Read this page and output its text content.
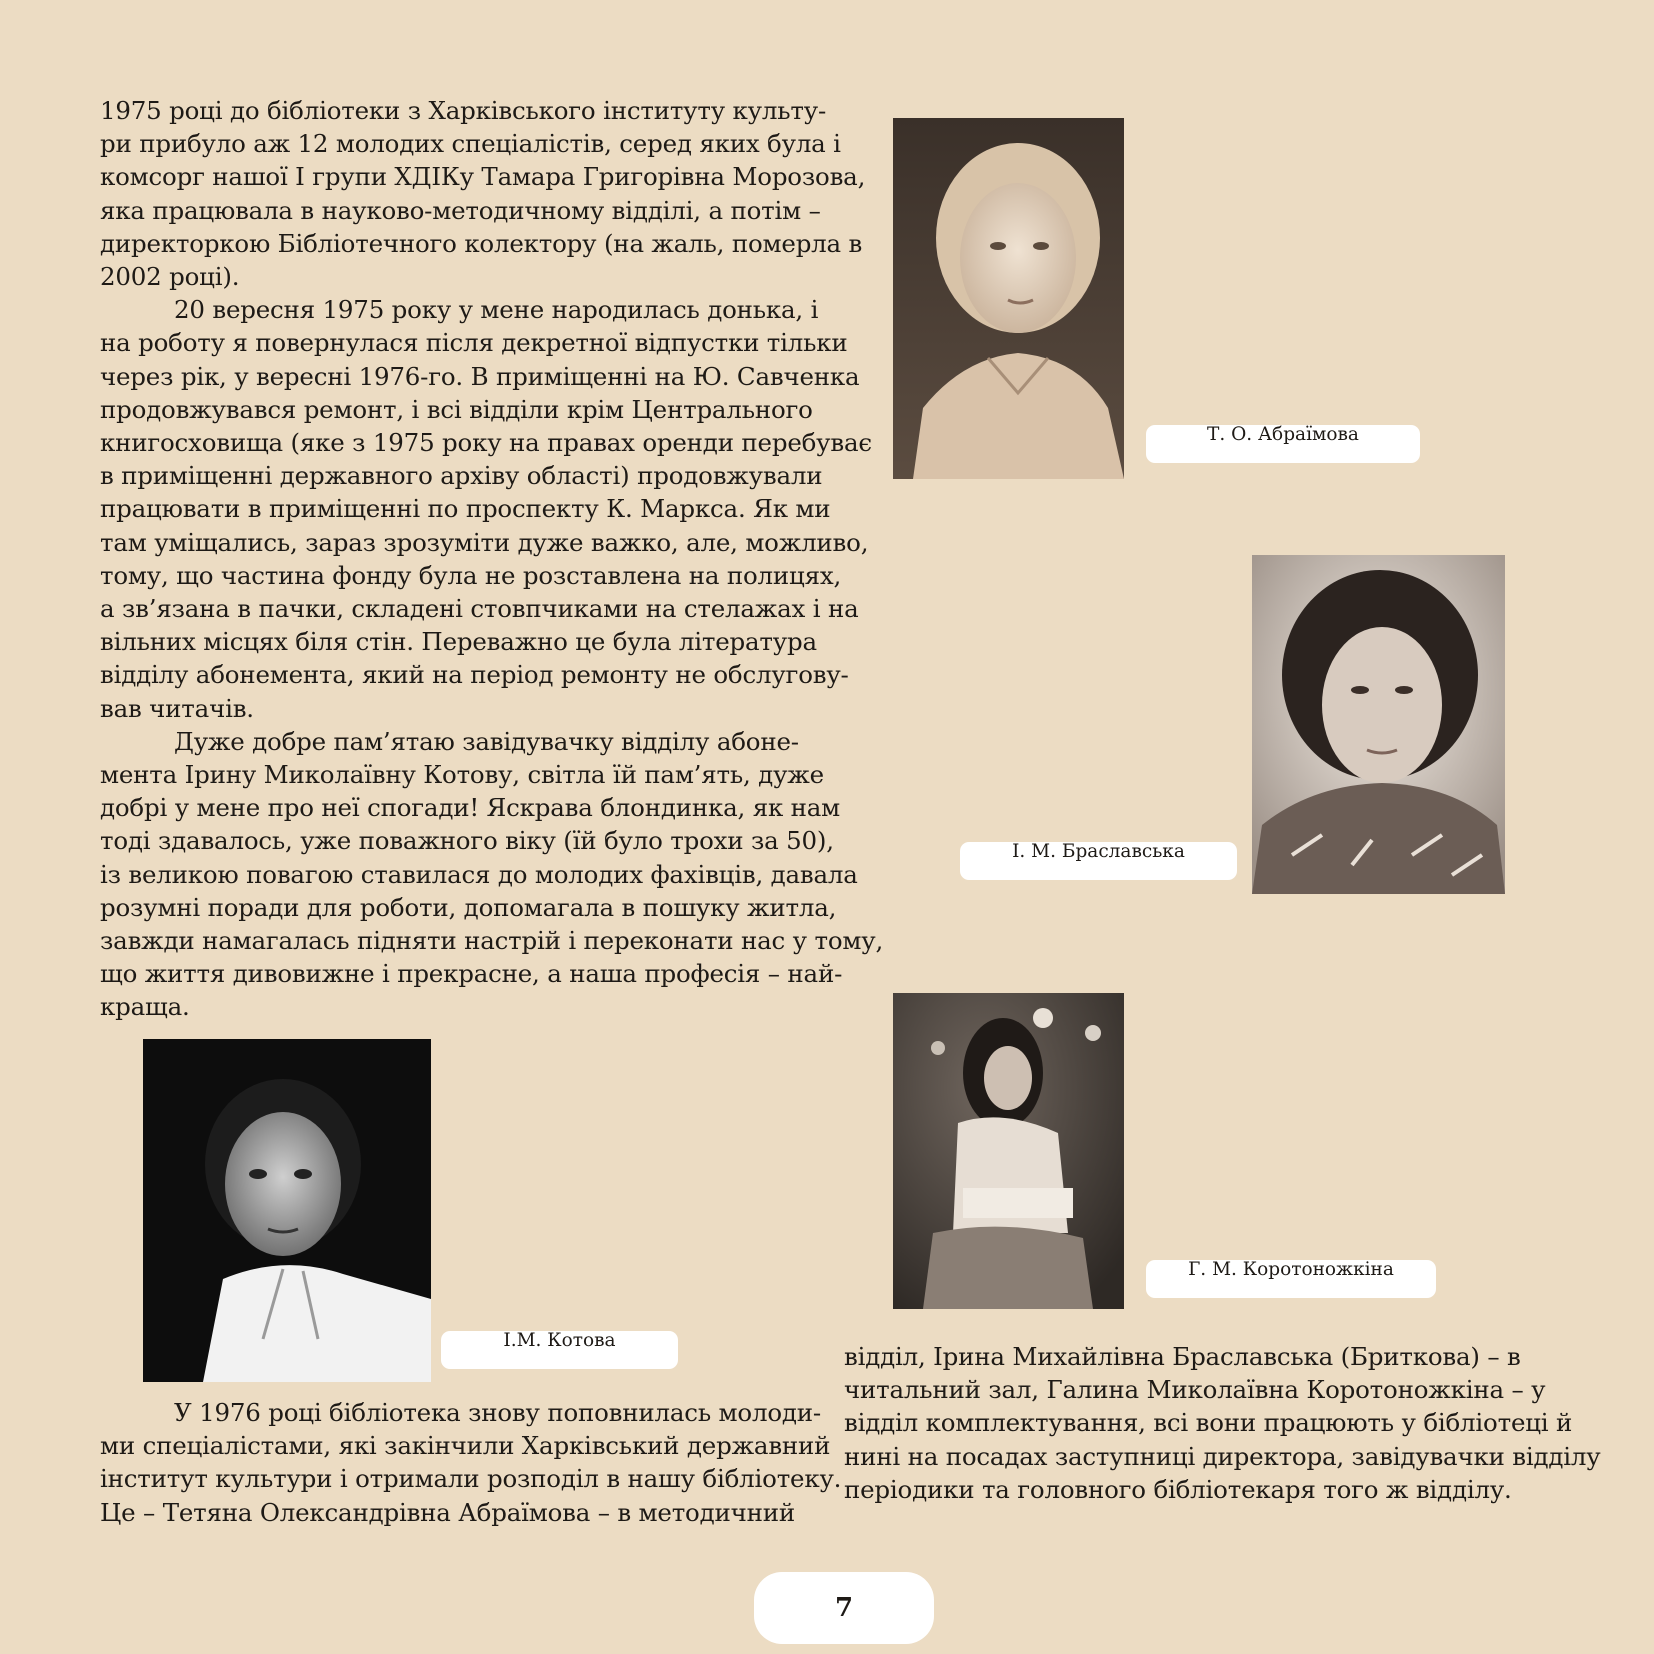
1975 році до бібліотеки з Харківського інституту культу-
ри прибуло аж 12 молодих спеціалістів, серед яких була і
комсорг нашої І групи ХДІКу Тамара Григорівна Морозова,
яка працювала в науково-методичному відділі, а потім –
директоркою Бібліотечного колектору (на жаль, померла в
2002 році).
20 вересня 1975 року у мене народилась донька, і
на роботу я повернулася після декретної відпустки тільки
через рік, у вересні 1976-го. В приміщенні на Ю. Савченка
продовжувався ремонт, і всі відділи крім Центрального
книгосховища (яке з 1975 року на правах оренди перебуває
в приміщенні державного архіву області) продовжували
працювати в приміщенні по проспекту К. Маркса. Як ми
там уміщались, зараз зрозуміти дуже важко, але, можливо,
тому, що частина фонду була не розставлена на полицях,
а зв’язана в пачки, складені стовпчиками на стелажах і на
вільних місцях біля стін. Переважно це була література
відділу абонемента, який на період ремонту не обслугову-
вав читачів.
Дуже добре пам’ятаю завідувачку відділу абоне-
мента Ірину Миколаївну Котову, світла їй пам’ять, дуже
добрі у мене про неї спогади! Яскрава блондинка, як нам
тоді здавалось, уже поважного віку (їй було трохи за 50),
із великою повагою ставилася до молодих фахівців, давала
розумні поради для роботи, допомагала в пошуку житла,
завжди намагалась підняти настрій і переконати нас у тому,
що життя дивовижне і прекрасне, а наша професія – най-
краща.
Т. О. Абраїмова
І. М. Браславська
Г. М. Коротоножкіна
І.М. Котова
У 1976 році бібліотека знову поповнилась молоди-
ми спеціалістами, які закінчили Харківський державний
інститут культури і отримали розподіл в нашу бібліотеку.
Це – Тетяна Олександрівна Абраїмова – в методичний
відділ, Ірина Михайлівна Браславська (Бриткова) – в
читальний зал, Галина Миколаївна Коротоножкіна – у
відділ комплектування, всі вони працюють у бібліотеці й
нині на посадах заступниці директора, завідувачки відділу
періодики та головного бібліотекаря того ж відділу.
7
